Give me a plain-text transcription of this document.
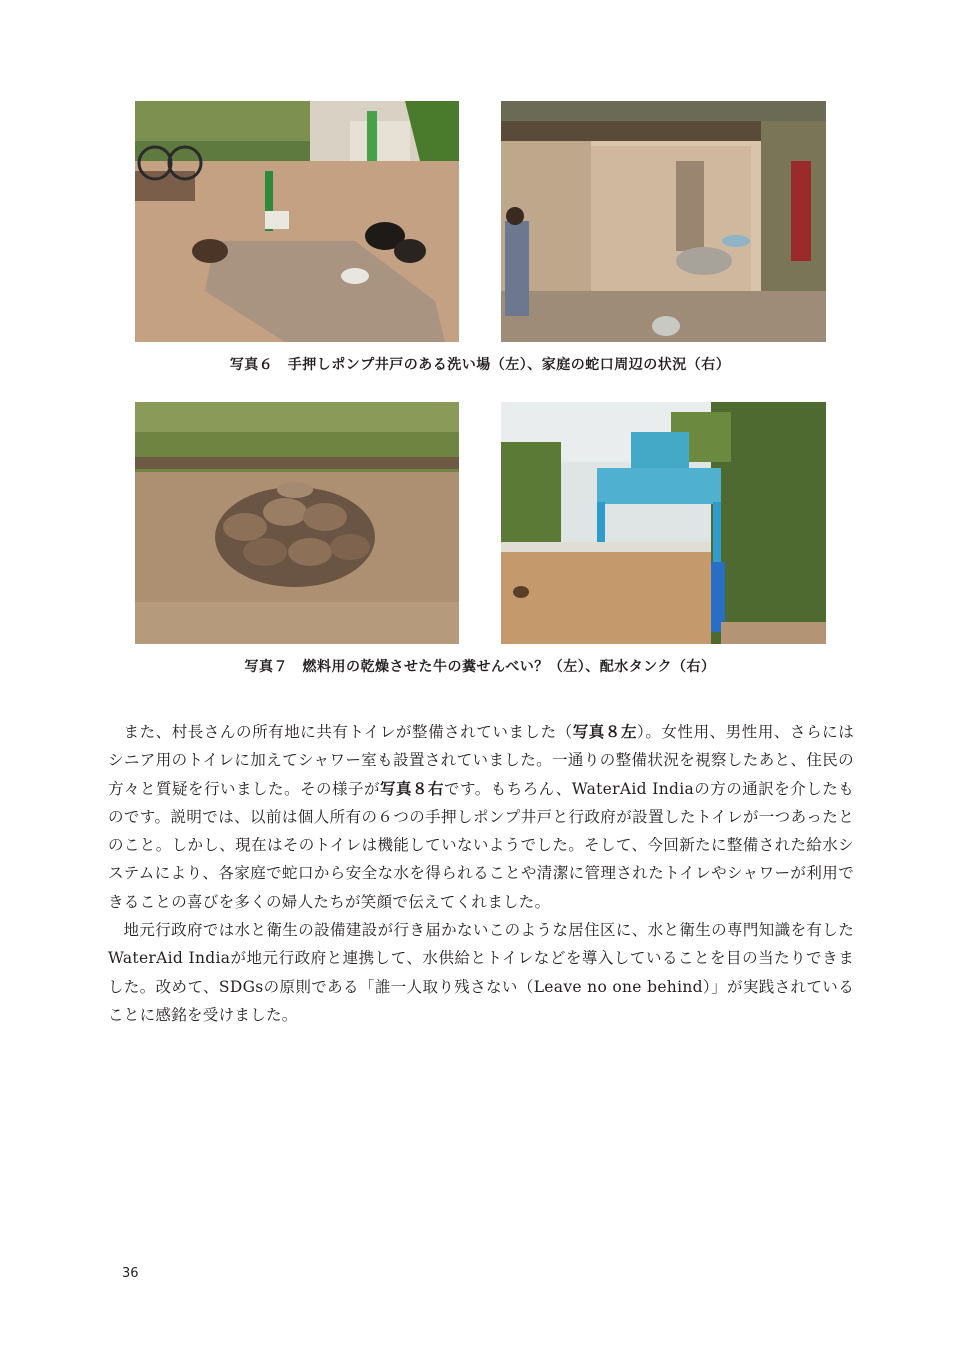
写真６　手押しポンプ井戸のある洗い場（左）、家庭の蛇口周辺の状況（右）
写真７　燃料用の乾燥させた牛の糞せんべい？（左）、配水タンク（右）

また、村長さんの所有地に共有トイレが整備されていました（写真８左）。女性用、男性用、さらにはシニア用のトイレに加えてシャワー室も設置されていました。一通りの整備状況を視察したあと、住民の方々と質疑を行いました。その様子が写真８右です。もちろん、WaterAid Indiaの方の通訳を介したものです。説明では、以前は個人所有の６つの手押しポンプ井戸と行政府が設置したトイレが一つあったとのこと。しかし、現在はそのトイレは機能していないようでした。そして、今回新たに整備された給水システムにより、各家庭で蛇口から安全な水を得られることや清潔に管理されたトイレやシャワーが利用できることの喜びを多くの婦人たちが笑顔で伝えてくれました。

地元行政府では水と衛生の設備建設が行き届かないこのような居住区に、水と衛生の専門知識を有したWaterAid Indiaが地元行政府と連携して、水供給とトイレなどを導入していることを目の当たりできました。改めて、SDGsの原則である「誰一人取り残さない（Leave no one behind）」が実践されていることに感銘を受けました。

36
